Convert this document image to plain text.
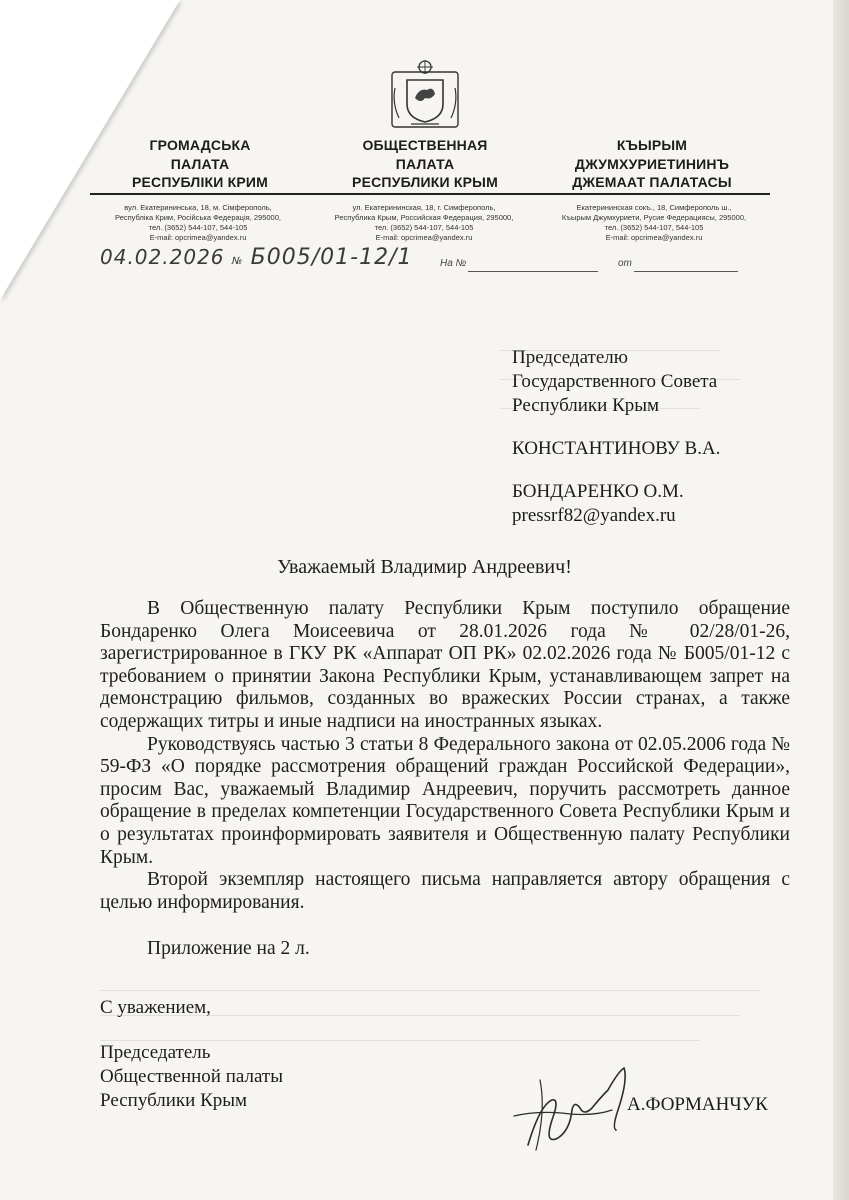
ГРОМАДСЬКА
ПАЛАТА
РЕСПУБЛІКИ КРИМ
ОБЩЕСТВЕННАЯ
ПАЛАТА
РЕСПУБЛИКИ КРЫМ
КЪЫРЫМ
ДЖУМХУРИЕТИНИНЪ
ДЖЕМААТ ПАЛАТАСЫ
вул. Екатерининська, 18, м. Сімферополь,
Республіка Крим, Російська Федерація, 295000,
тел. (3652) 544-107, 544-105
E-mail: opcrimea@yandex.ru
ул. Екатерининская, 18, г. Симферополь,
Республика Крым, Российская Федерация, 295000,
тел. (3652) 544-107, 544-105
E-mail: opcrimea@yandex.ru
Екатерининская сокъ., 18, Симферополь ш.,
Къырым Джумхуриети, Русие Федерациясы, 295000,
тел. (3652) 544-107, 544-105
E-mail: opcrimea@yandex.ru
04.02.2026 № Б005/01-12/1	На №	от
Председателю
Государственного Совета
Республики Крым
КОНСТАНТИНОВУ В.А.
БОНДАРЕНКО О.М.
pressrf82@yandex.ru
Уважаемый Владимир Андреевич!

В Общественную палату Республики Крым поступило обращение Бондаренко Олега Моисеевича от 28.01.2026 года № 02/28/01-26, зарегистрированное в ГКУ РК «Аппарат ОП РК» 02.02.2026 года № Б005/01-12 с требованием о принятии Закона Республики Крым, устанавливающем запрет на демонстрацию фильмов, созданных во вражеских России странах, а также содержащих титры и иные надписи на иностранных языках.

Руководствуясь частью 3 статьи 8 Федерального закона от 02.05.2006 года № 59-ФЗ «О порядке рассмотрения обращений граждан Российской Федерации», просим Вас, уважаемый Владимир Андреевич, поручить рассмотреть данное обращение в пределах компетенции Государственного Совета Республики Крым и о результатах проинформировать заявителя и Общественную палату Республики Крым.

Второй экземпляр настоящего письма направляется автору обращения с целью информирования.

Приложение на 2 л.

С уважением,
Председатель
Общественной палаты
Республики Крым	А.ФОРМАНЧУК
